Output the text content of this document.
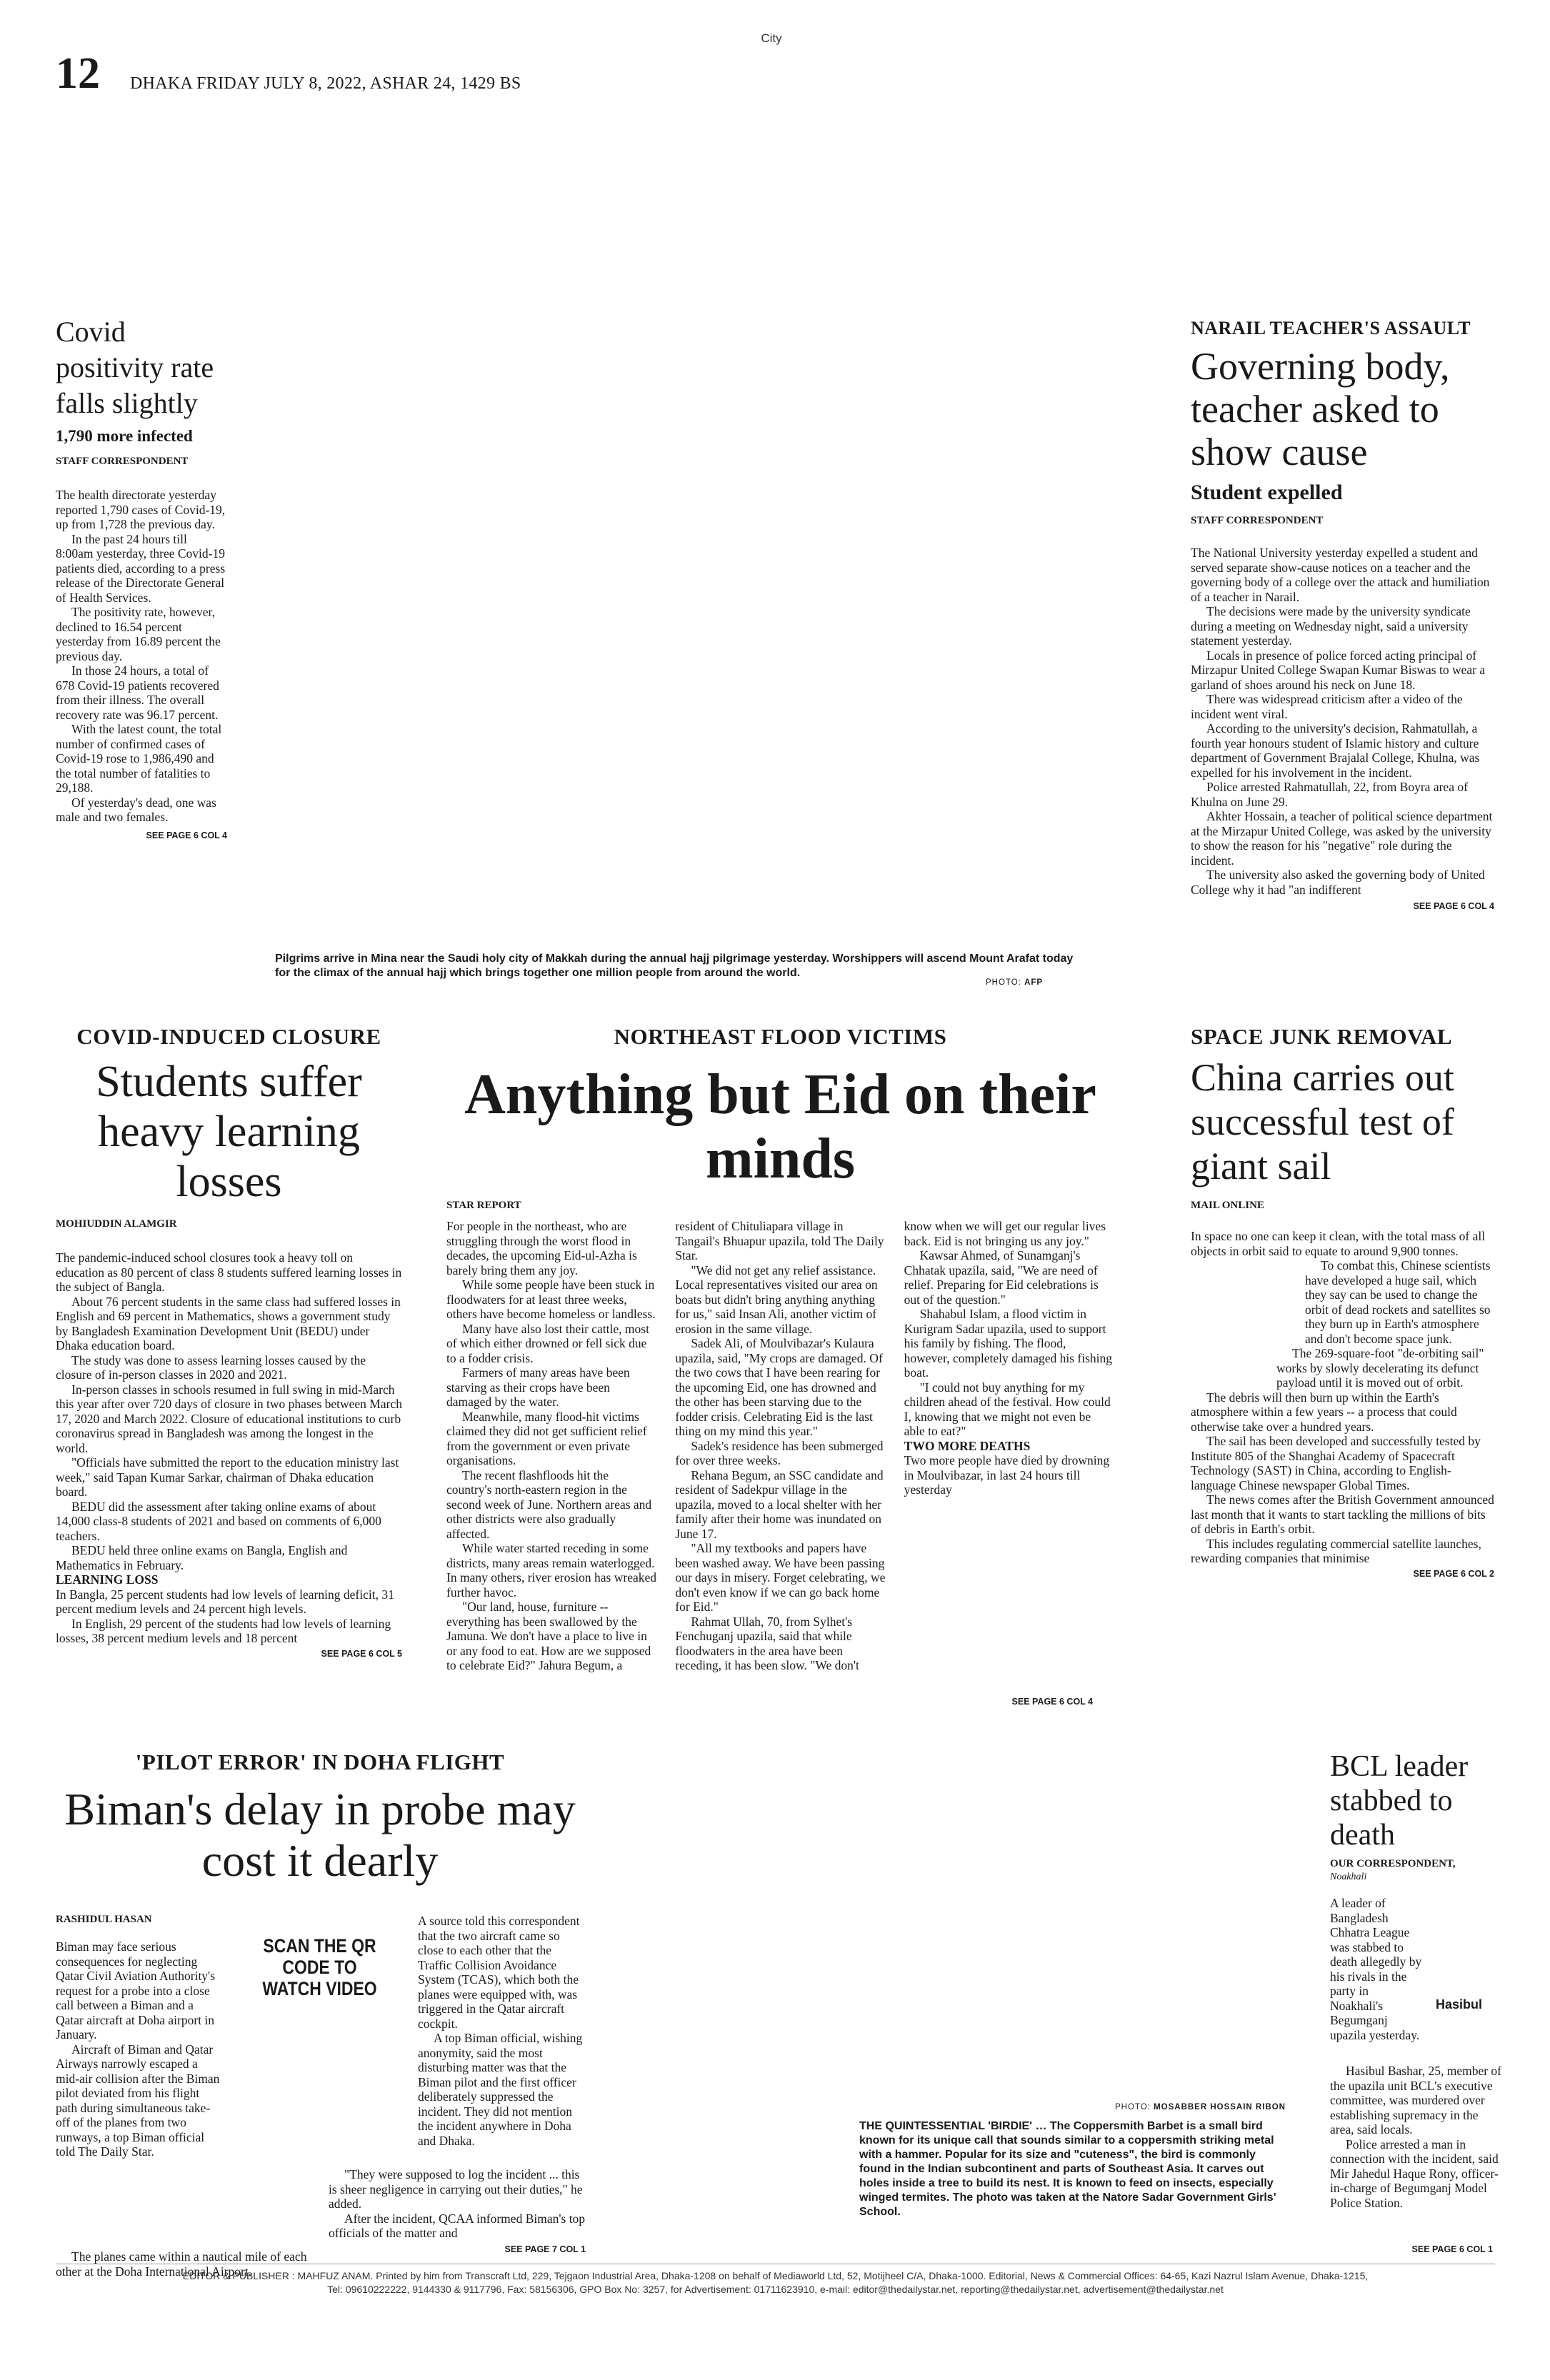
City
12 DHAKA FRIDAY JULY 8, 2022, ASHAR 24, 1429 BS
Covid positivity rate falls slightly
1,790 more infected
STAFF CORRESPONDENT

The health directorate yesterday reported 1,790 cases of Covid-19, up from 1,728 the previous day.

In the past 24 hours till 8:00am yesterday, three Covid-19 patients died, according to a press release of the Directorate General of Health Services.

The positivity rate, however, declined to 16.54 percent yesterday from 16.89 percent the previous day.

In those 24 hours, a total of 678 Covid-19 patients recovered from their illness. The overall recovery rate was 96.17 percent.

With the latest count, the total number of confirmed cases of Covid-19 rose to 1,986,490 and the total number of fatalities to 29,188.

Of yesterday's dead, one was male and two females.

SEE PAGE 6 COL 4
Pilgrims arrive in Mina near the Saudi holy city of Makkah during the annual hajj pilgrimage yesterday. Worshippers will ascend Mount Arafat today for the climax of the annual hajj which brings together one million people from around the world.
PHOTO: AFP
NARAIL TEACHER'S ASSAULT
Governing body, teacher asked to show cause
Student expelled
STAFF CORRESPONDENT

The National University yesterday expelled a student and served separate show-cause notices on a teacher and the governing body of a college over the attack and humiliation of a teacher in Narail.

The decisions were made by the university syndicate during a meeting on Wednesday night, said a university statement yesterday.

Locals in presence of police forced acting principal of Mirzapur United College Swapan Kumar Biswas to wear a garland of shoes around his neck on June 18.

There was widespread criticism after a video of the incident went viral.

According to the university's decision, Rahmatullah, a fourth year honours student of Islamic history and culture department of Government Brajalal College, Khulna, was expelled for his involvement in the incident.

Police arrested Rahmatullah, 22, from Boyra area of Khulna on June 29.

Akhter Hossain, a teacher of political science department at the Mirzapur United College, was asked by the university to show the reason for his "negative" role during the incident.

The university also asked the governing body of United College why it had "an indifferent

SEE PAGE 6 COL 4
COVID-INDUCED CLOSURE
Students suffer heavy learning losses
MOHIUDDIN ALAMGIR

The pandemic-induced school closures took a heavy toll on education as 80 percent of class 8 students suffered learning losses in the subject of Bangla.

About 76 percent students in the same class had suffered losses in English and 69 percent in Mathematics, shows a government study by Bangladesh Examination Development Unit (BEDU) under Dhaka education board.

The study was done to assess learning losses caused by the closure of in-person classes in 2020 and 2021.

In-person classes in schools resumed in full swing in mid-March this year after over 720 days of closure in two phases between March 17, 2020 and March 2022. Closure of educational institutions to curb coronavirus spread in Bangladesh was among the longest in the world.

"Officials have submitted the report to the education ministry last week," said Tapan Kumar Sarkar, chairman of Dhaka education board.

BEDU did the assessment after taking online exams of about 14,000 class-8 students of 2021 and based on comments of 6,000 teachers.

BEDU held three online exams on Bangla, English and Mathematics in February.

LEARNING LOSS

In Bangla, 25 percent students had low levels of learning deficit, 31 percent medium levels and 24 percent high levels.

In English, 29 percent of the students had low levels of learning losses, 38 percent medium levels and 18 percent

SEE PAGE 6 COL 5
NORTHEAST FLOOD VICTIMS
Anything but Eid on their minds
STAR REPORT

For people in the northeast, who are struggling through the worst flood in decades, the upcoming Eid-ul-Azha is barely bring them any joy.

While some people have been stuck in floodwaters for at least three weeks, others have become homeless or landless.

Many have also lost their cattle, most of which either drowned or fell sick due to a fodder crisis.

Farmers of many areas have been starving as their crops have been damaged by the water.

Meanwhile, many flood-hit victims claimed they did not get sufficient relief from the government or even private organisations.

The recent flashfloods hit the country's north-eastern region in the second week of June. Northern areas and other districts were also gradually affected.

While water started receding in some districts, many areas remain waterlogged. In many others, river erosion has wreaked further havoc.

"Our land, house, furniture -- everything has been swallowed by the Jamuna. We don't have a place to live in or any food to eat. How are we supposed to celebrate Eid?" Jahura Begum, a resident of Chituliapara village in Tangail's Bhuapur upazila, told The Daily Star.

"We did not get any relief assistance. Local representatives visited our area on boats but didn't bring anything anything for us," said Insan Ali, another victim of erosion in the same village.

Sadek Ali, of Moulvibazar's Kulaura upazila, said, "My crops are damaged. Of the two cows that I have been rearing for the upcoming Eid, one has drowned and the other has been starving due to the fodder crisis. Celebrating Eid is the last thing on my mind this year."

Sadek's residence has been submerged for over three weeks.

Rehana Begum, an SSC candidate and resident of Sadekpur village in the upazila, moved to a local shelter with her family after their home was inundated on June 17.

"All my textbooks and papers have been washed away. We have been passing our days in misery. Forget celebrating, we don't even know if we can go back home for Eid."

Rahmat Ullah, 70, from Sylhet's Fenchuganj upazila, said that while floodwaters in the area have been receding, it has been slow. "We don't know when we will get our regular lives back. Eid is not bringing us any joy."

Kawsar Ahmed, of Sunamganj's Chhatak upazila, said, "We are need of relief. Preparing for Eid celebrations is out of the question."

Shahabul Islam, a flood victim in Kurigram Sadar upazila, used to support his family by fishing. The flood, however, completely damaged his fishing boat.

"I could not buy anything for my children ahead of the festival. How could I, knowing that we might not even be able to eat?"

TWO MORE DEATHS

Two more people have died by drowning in Moulvibazar, in last 24 hours till yesterday

SEE PAGE 6 COL 4
SPACE JUNK REMOVAL
China carries out successful test of giant sail
MAIL ONLINE

In space no one can keep it clean, with the total mass of all objects in orbit said to equate to around 9,900 tonnes.

To combat this, Chinese scientists have developed a huge sail, which they say can be used to change the orbit of dead rockets and satellites so they burn up in Earth's atmosphere and don't become space junk.

The 269-square-foot "de-orbiting sail" works by slowly decelerating its defunct payload until it is moved out of orbit.

The debris will then burn up within the Earth's atmosphere within a few years -- a process that could otherwise take over a hundred years.

The sail has been developed and successfully tested by Institute 805 of the Shanghai Academy of Spacecraft Technology (SAST) in China, according to English-language Chinese newspaper Global Times.

The news comes after the British Government announced last month that it wants to start tackling the millions of bits of debris in Earth's orbit.

This includes regulating commercial satellite launches, rewarding companies that minimise

SEE PAGE 6 COL 2
'PILOT ERROR' IN DOHA FLIGHT
Biman's delay in probe may cost it dearly
RASHIDUL HASAN
SCAN THE QR CODE TO WATCH VIDEO

Biman may face serious consequences for neglecting Qatar Civil Aviation Authority's request for a probe into a close call between a Biman and a Qatar aircraft at Doha airport in January.

Aircraft of Biman and Qatar Airways narrowly escaped a mid-air collision after the Biman pilot deviated from his flight path during simultaneous take-off of the planes from two runways, a top Biman official told The Daily Star.

The planes came within a nautical mile of each other at the Doha International Airport.

A source told this correspondent that the two aircraft came so close to each other that the Traffic Collision Avoidance System (TCAS), which both the planes were equipped with, was triggered in the Qatar aircraft cockpit.

A top Biman official, wishing anonymity, said the most disturbing matter was that the Biman pilot and the first officer deliberately suppressed the incident. They did not mention the incident anywhere in Doha and Dhaka.

"They were supposed to log the incident ... this is sheer negligence in carrying out their duties," he added.

After the incident, QCAA informed Biman's top officials of the matter and

SEE PAGE 7 COL 1
PHOTO: MOSABBER HOSSAIN RIBON
THE QUINTESSENTIAL 'BIRDIE' … The Coppersmith Barbet is a small bird known for its unique call that sounds similar to a coppersmith striking metal with a hammer. Popular for its size and "cuteness", the bird is commonly found in the Indian subcontinent and parts of Southeast Asia. It carves out holes inside a tree to build its nest. It is known to feed on insects, especially winged termites. The photo was taken at the Natore Sadar Government Girls' School.
BCL leader stabbed to death
OUR CORRESPONDENT,
Noakhali
Hasibul

A leader of Bangladesh Chhatra League was stabbed to death allegedly by his rivals in the party in Noakhali's Begumganj upazila yesterday.

Hasibul Bashar, 25, member of the upazila unit BCL's executive committee, was murdered over establishing supremacy in the area, said locals.

Police arrested a man in connection with the incident, said Mir Jahedul Haque Rony, officer-in-charge of Begumganj Model Police Station.

SEE PAGE 6 COL 1
EDITOR & PUBLISHER : MAHFUZ ANAM. Printed by him from Transcraft Ltd, 229, Tejgaon Industrial Area, Dhaka-1208 on behalf of Mediaworld Ltd, 52, Motijheel C/A, Dhaka-1000. Editorial, News & Commercial Offices: 64-65, Kazi Nazrul Islam Avenue, Dhaka-1215,
Tel: 09610222222, 9144330 & 9117796, Fax: 58156306, GPO Box No: 3257, for Advertisement: 01711623910, e-mail: editor@thedailystar.net, reporting@thedailystar.net, advertisement@thedailystar.net
